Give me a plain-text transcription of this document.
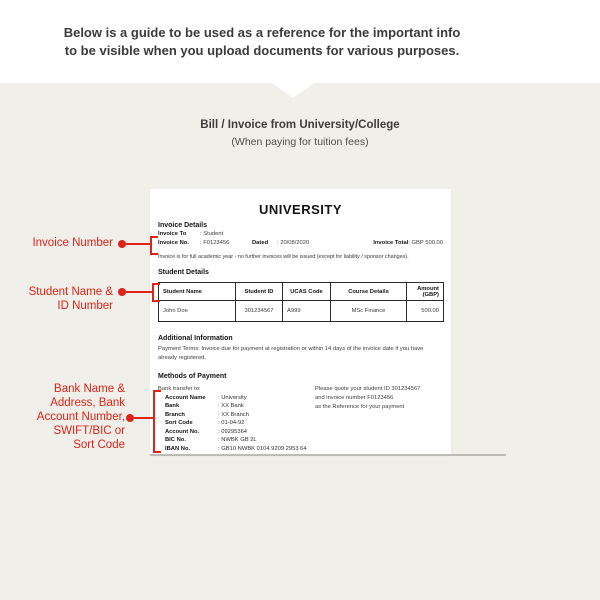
Below is a guide to be used as a reference for the important info
to be visible when you upload documents for various purposes.
Bill / Invoice from University/College
(When paying for tuition fees)
UNIVERSITY
Invoice Details
Invoice To	: Student
Invoice No.	: F0123456	Dated	: 20/08/2020	Invoice Total : GBP 500.00
Invoice is for full academic year - no further invoices will be issued (except for liability / sponsor changes).
Student Details
Student Name	Student ID	UCAS Code	Course Details	Amount (GBP)
John Doe	301234567	A999	MSc Finance	500.00
Additional Information
Payment Terms: Invoice due for payment at registration or within 14 days of the invoice date if you have already registered.
Methods of Payment
Bank transfer to:
Account Name	: University
Bank	: XX Bank
Branch	: XX Branch
Sort Code	: 01-04-92
Account No.	: 09295364
BIC No.	: NWBK GB 2L
IBAN No.	: GB10 NWBK 0104 9209 2953 64
Please quote your student ID 301234567
and invoice number F0123456
as the Reference for your payment
Invoice Number
Student Name &
ID Number
Bank Name &
Address, Bank
Account Number,
SWIFT/BIC or
Sort Code
